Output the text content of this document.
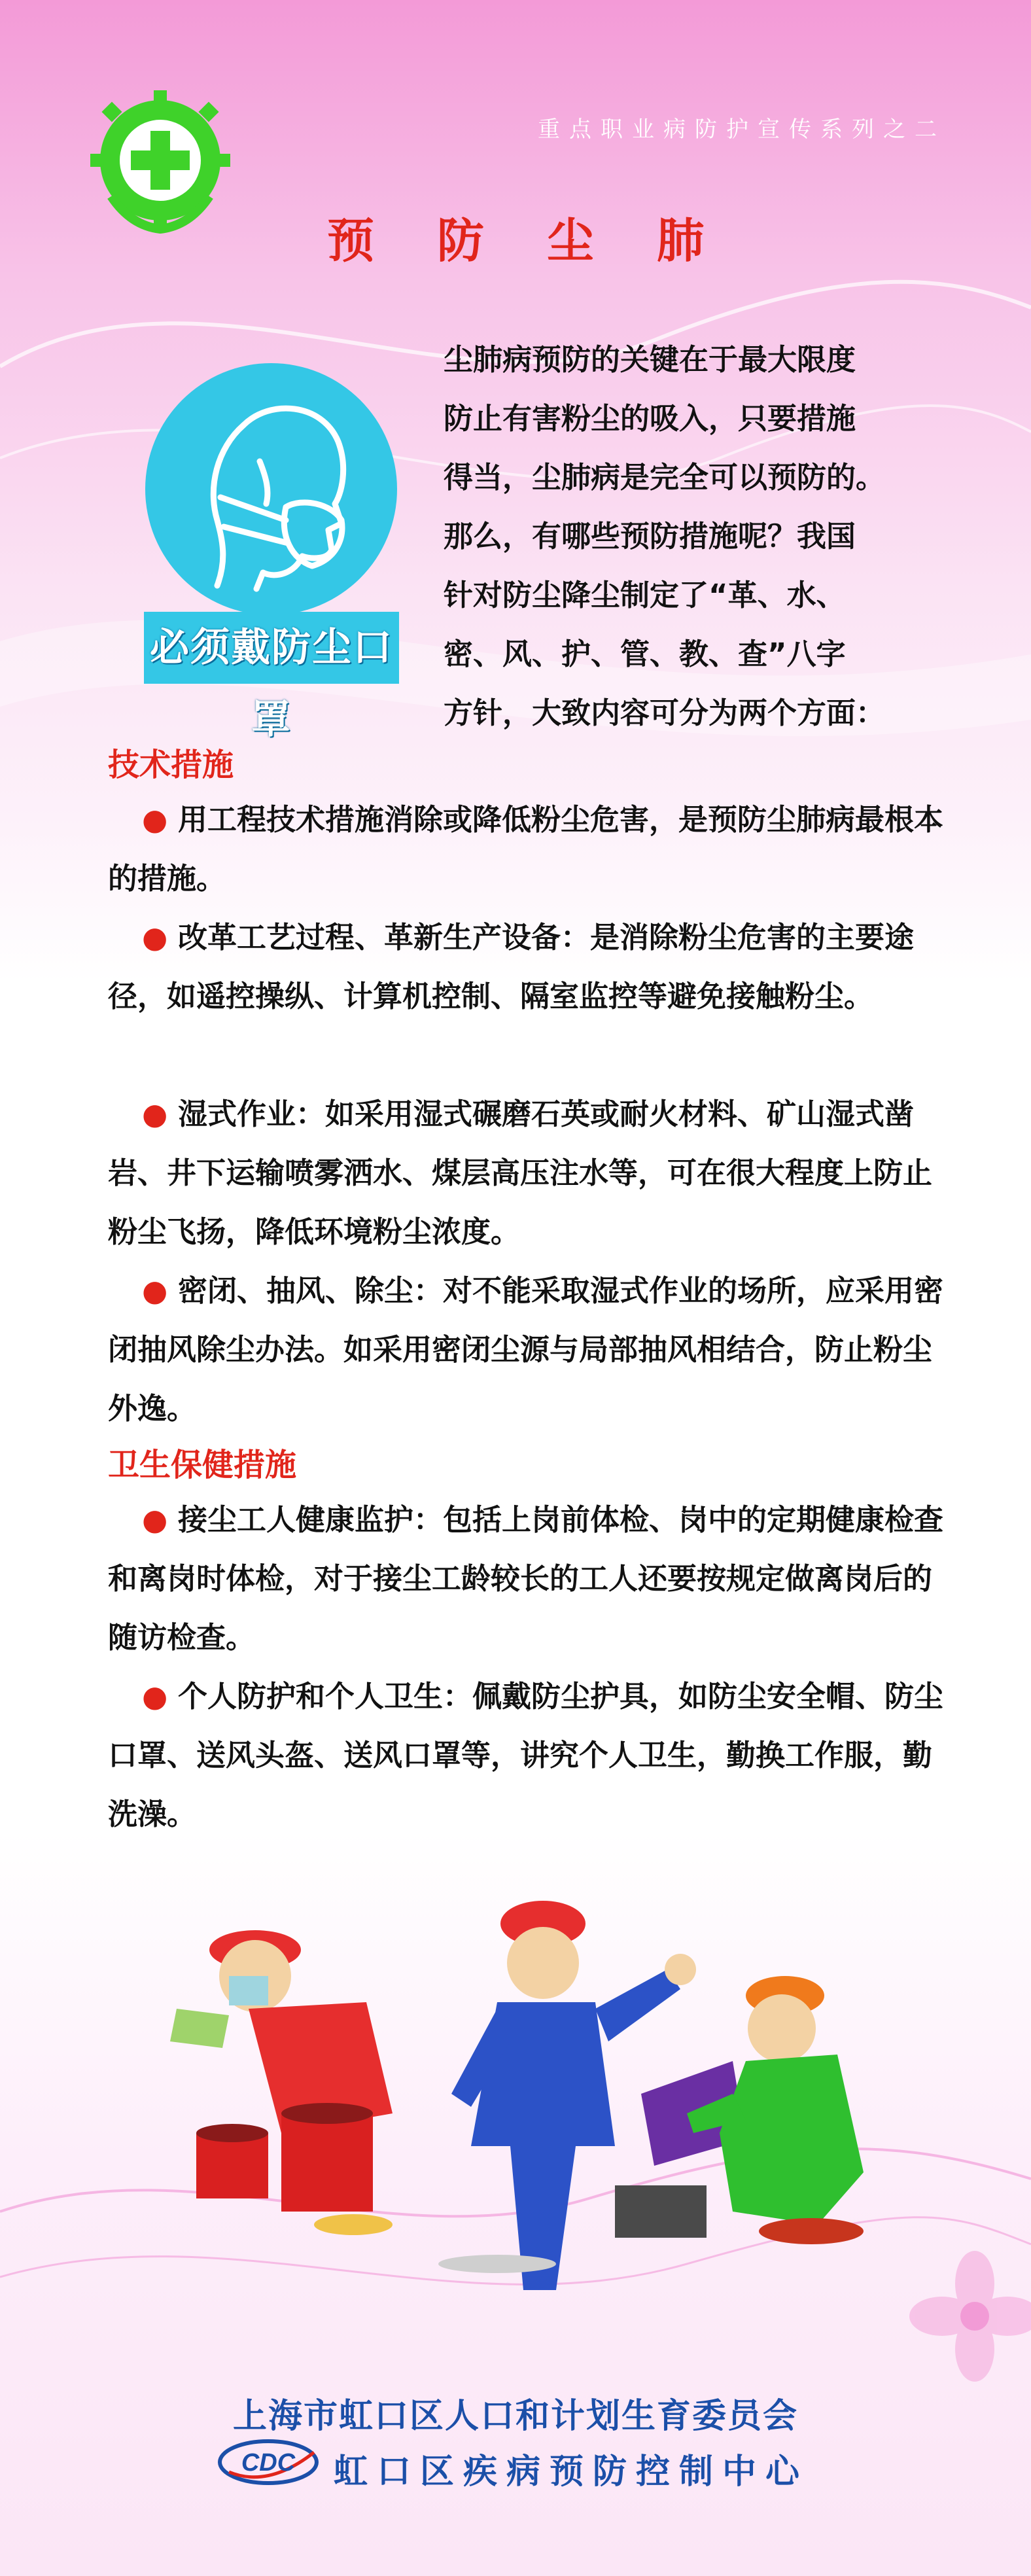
重点职业病防护宣传系列之二
预防尘肺
必须戴防尘口罩
尘肺病预防的关键在于最大限度
防止有害粉尘的吸入，只要措施
得当，尘肺病是完全可以预防的。
那么，有哪些预防措施呢？我国
针对防尘降尘制定了“革、水、
密、风、护、管、教、查”八字
方针，大致内容可分为两个方面：
技术措施
● 用工程技术措施消除或降低粉尘危害，是预防尘肺病最根本的措施。
● 改革工艺过程、革新生产设备：是消除粉尘危害的主要途径，如遥控操纵、计算机控制、隔室监控等避免接触粉尘。
● 湿式作业：如采用湿式碾磨石英或耐火材料、矿山湿式凿岩、井下运输喷雾洒水、煤层高压注水等，可在很大程度上防止粉尘飞扬，降低环境粉尘浓度。
● 密闭、抽风、除尘：对不能采取湿式作业的场所，应采用密闭抽风除尘办法。如采用密闭尘源与局部抽风相结合，防止粉尘外逸。
卫生保健措施
● 接尘工人健康监护：包括上岗前体检、岗中的定期健康检查和离岗时体检，对于接尘工龄较长的工人还要按规定做离岗后的随访检查。
● 个人防护和个人卫生：佩戴防尘护具，如防尘安全帽、防尘口罩、送风头盔、送风口罩等，讲究个人卫生，勤换工作服，勤洗澡。
上海市虹口区人口和计划生育委员会
CDC 虹口区疾病预防控制中心
